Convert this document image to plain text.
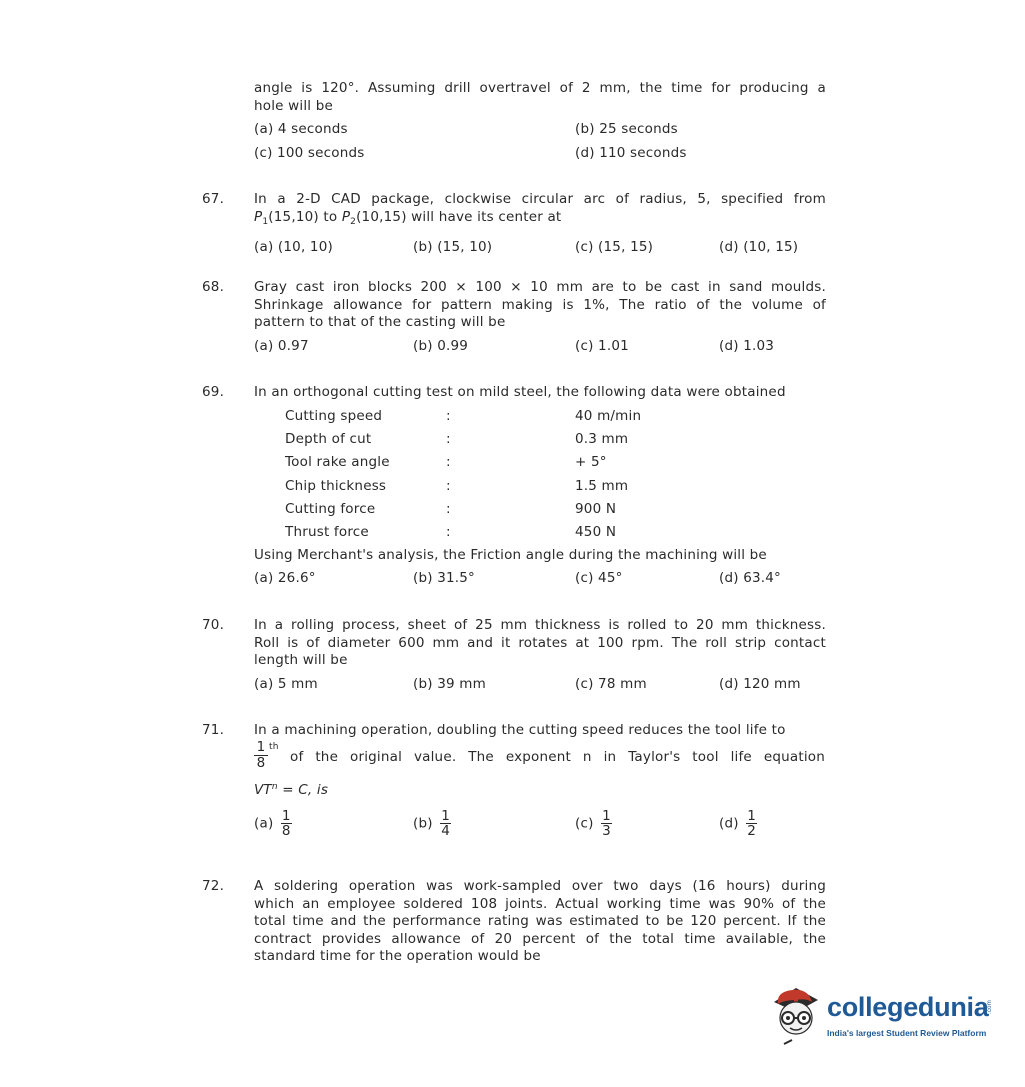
angle is 120°. Assuming drill overtravel of 2 mm, the time for producing a
hole will be
(a) 4 seconds	(b) 25 seconds
(c) 100 seconds	(d) 110 seconds
67. In a 2-D CAD package, clockwise circular arc of radius, 5, specified from
$P_1(15,10)$ to $P_2(10,15)$ will have its center at
(a) (10, 10)	(b) (15, 10)	(c) (15, 15)	(d) (10, 15)
68. Gray cast iron blocks 200 × 100 × 10 mm are to be cast in sand moulds.
Shrinkage allowance for pattern making is 1%, The ratio of the volume of
pattern to that of the casting will be
(a) 0.97	(b) 0.99	(c) 1.01	(d) 1.03
69. In an orthogonal cutting test on mild steel, the following data were obtained
Cutting speed	:	40 m/min
Depth of cut	:	0.3 mm
Tool rake angle	:	+ 5°
Chip thickness	:	1.5 mm
Cutting force	:	900 N
Thrust force	:	450 N
Using Merchant's analysis, the Friction angle during the machining will be
(a) 26.6°	(b) 31.5°	(c) 45°	(d) 63.4°
70. In a rolling process, sheet of 25 mm thickness is rolled to 20 mm thickness.
Roll is of diameter 600 mm and it rotates at 100 rpm. The roll strip contact
length will be
(a) 5 mm	(b) 39 mm	(c) 78 mm	(d) 120 mm
71. In a machining operation, doubling the cutting speed reduces the tool life to
$\frac{1}{8}$ th
of the original value. The exponent n in Taylor's tool life equation
$VT^n = C$, is
$(a) \frac{1}{8}$	$(b) \frac{1}{4}$	$(c) \frac{1}{3}$	$(d) \frac{1}{2}$
72. A soldering operation was work-sampled over two days (16 hours) during
which an employee soldered 108 joints. Actual working time was 90% of the
total time and the performance rating was estimated to be 120 percent. If the
contract provides allowance of 20 percent of the total time available, the
standard time for the operation would be
collegedunia
.com
India's largest Student Review Platform
